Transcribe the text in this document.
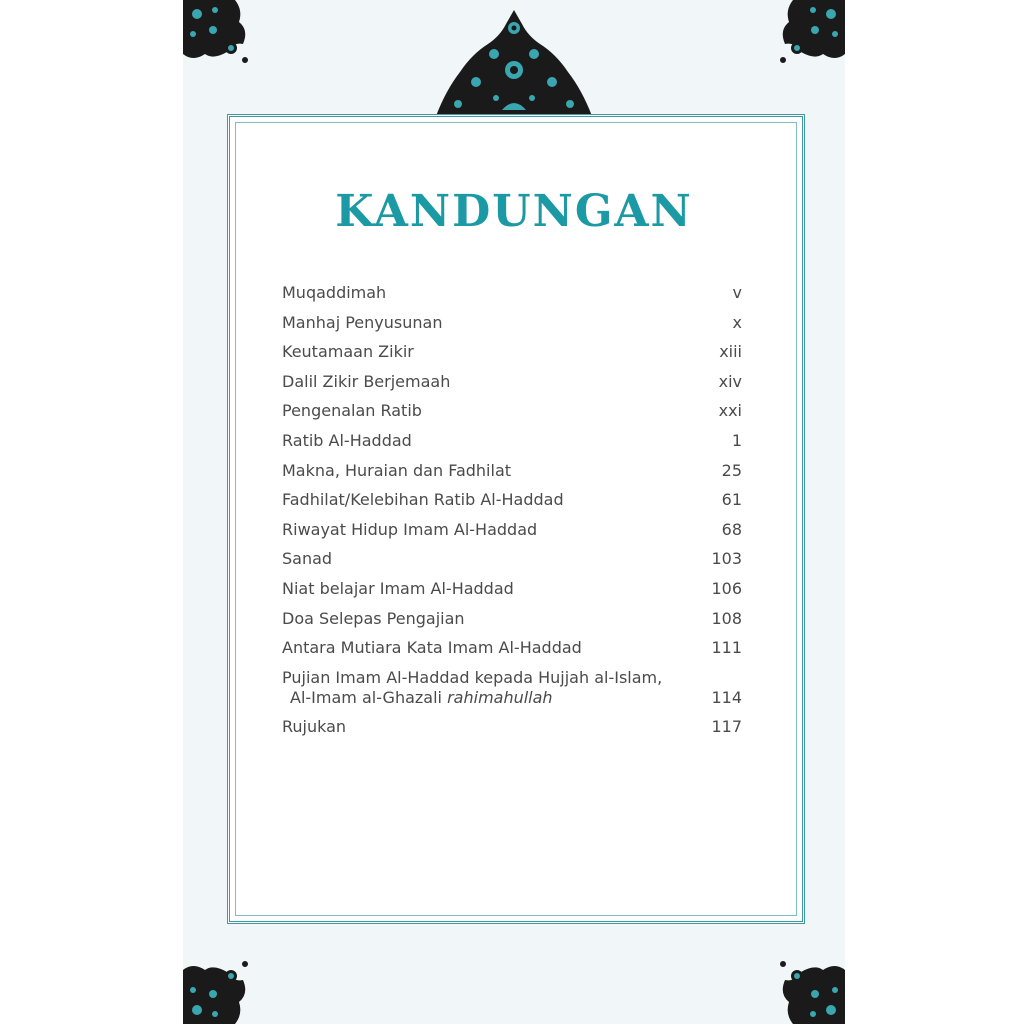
KANDUNGAN
Muqaddimah	v
Manhaj Penyusunan	x
Keutamaan Zikir	xiii
Dalil Zikir Berjemaah	xiv
Pengenalan Ratib	xxi
Ratib Al-Haddad	1
Makna, Huraian dan Fadhilat	25
Fadhilat/Kelebihan Ratib Al-Haddad	61
Riwayat Hidup Imam Al-Haddad	68
Sanad	103
Niat belajar Imam Al-Haddad	106
Doa Selepas Pengajian	108
Antara Mutiara Kata Imam Al-Haddad	111
Pujian Imam Al-Haddad kepada Hujjah al-Islam,
Al-Imam al-Ghazali rahimahullah	114
Rujukan	117
